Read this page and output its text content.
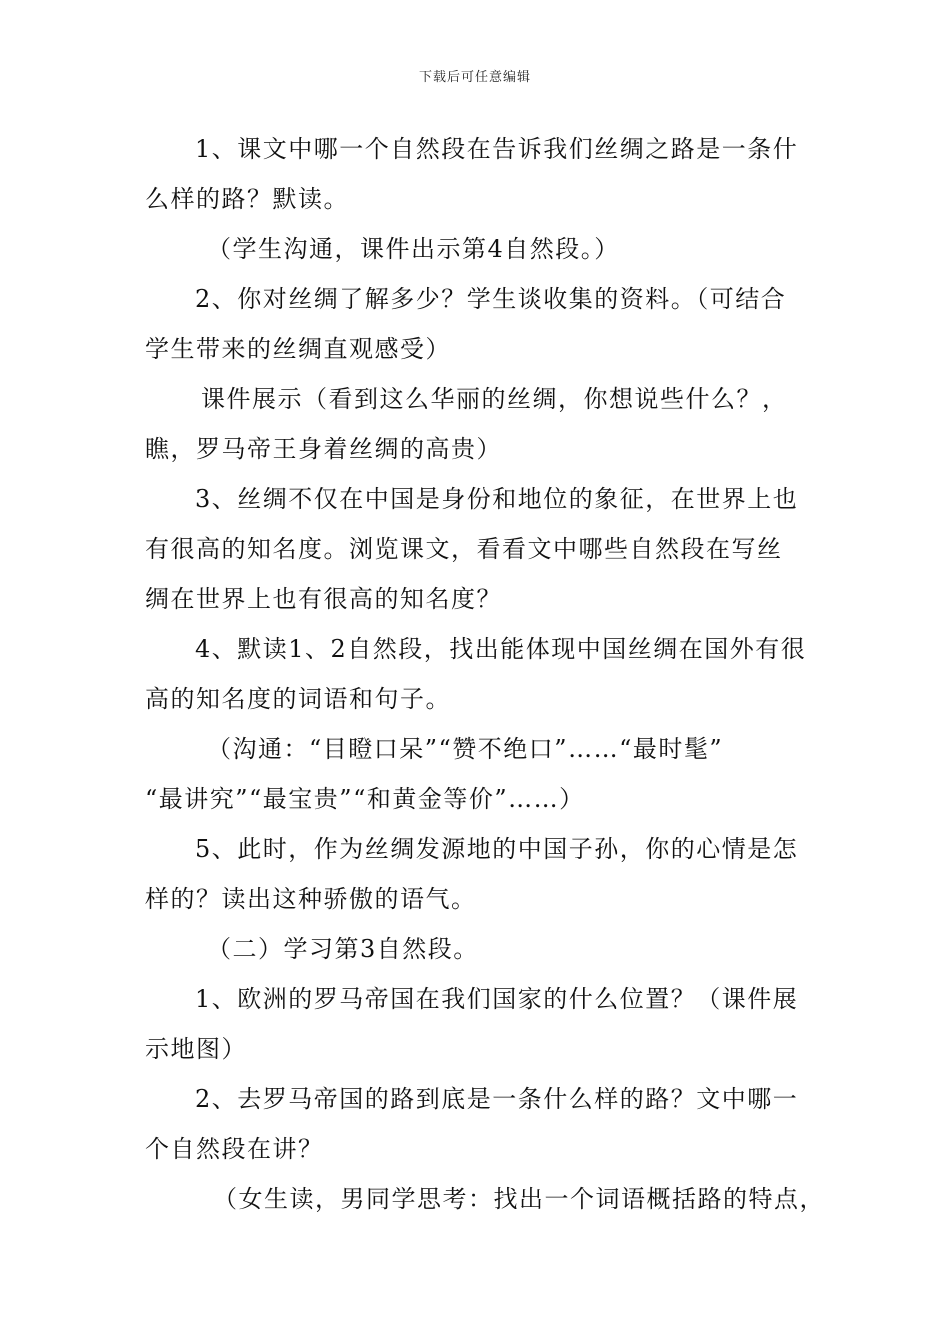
下载后可任意编辑
1、课文中哪一个自然段在告诉我们丝绸之路是一条什
么样的路？默读。
（学生沟通，课件出示第4自然段。）
2、你对丝绸了解多少？学生谈收集的资料。（可结合
学生带来的丝绸直观感受）
课件展示（看到这么华丽的丝绸，你想说些什么？，
瞧，罗马帝王身着丝绸的高贵）
3、丝绸不仅在中国是身份和地位的象征，在世界上也
有很高的知名度。浏览课文，看看文中哪些自然段在写丝
绸在世界上也有很高的知名度？
4、默读1、2自然段，找出能体现中国丝绸在国外有很
高的知名度的词语和句子。
（沟通：“目瞪口呆”“赞不绝口”……“最时髦”
“最讲究”“最宝贵”“和黄金等价”……）
5、此时，作为丝绸发源地的中国子孙，你的心情是怎
样的？读出这种骄傲的语气。
（二）学习第3自然段。
1、欧洲的罗马帝国在我们国家的什么位置？（课件展
示地图）
2、去罗马帝国的路到底是一条什么样的路？文中哪一
个自然段在讲？
（女生读，男同学思考：找出一个词语概括路的特点，
